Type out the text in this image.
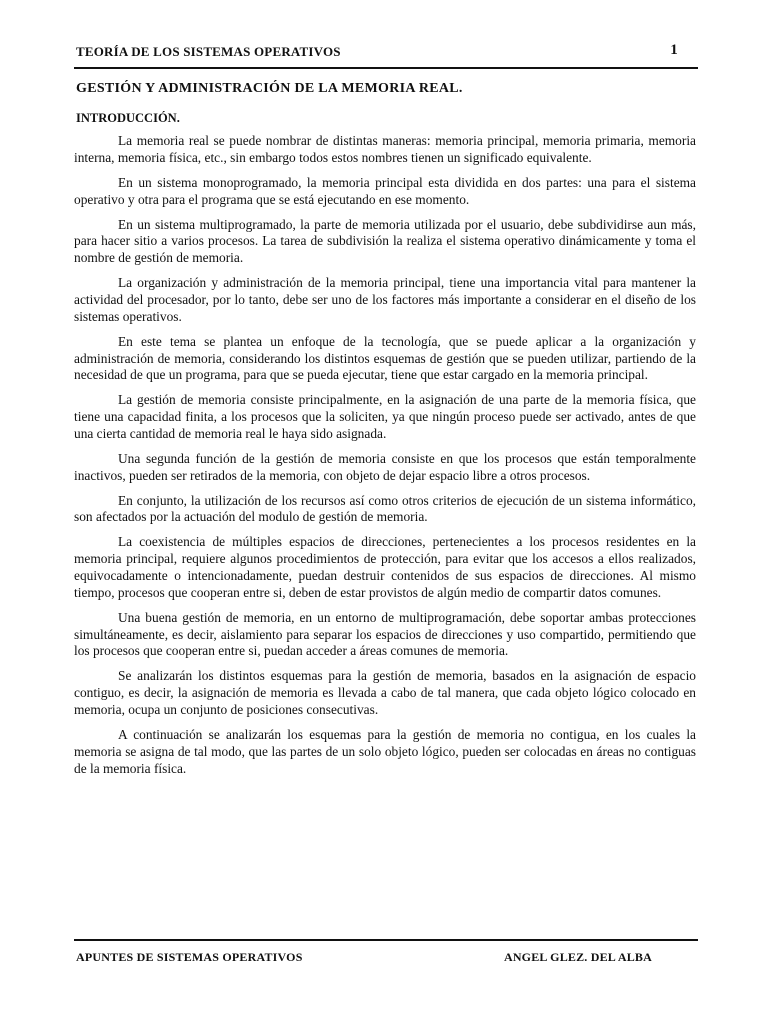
TEORÍA DE LOS SISTEMAS OPERATIVOS	1
GESTIÓN Y ADMINISTRACIÓN DE LA MEMORIA REAL.
INTRODUCCIÓN.

La memoria real se puede nombrar de distintas maneras: memoria principal, memoria primaria, memoria interna, memoria física, etc., sin embargo todos estos nombres tienen un significado equivalente.

En un sistema monoprogramado, la memoria principal esta dividida en dos partes: una para el sistema operativo y otra para el programa que se está ejecutando en ese momento.

En un sistema multiprogramado, la parte de memoria utilizada por el usuario, debe subdividirse aun más, para hacer sitio a varios procesos. La tarea de subdivisión la realiza el sistema operativo dinámicamente y toma el nombre de gestión de memoria.

La organización y administración de la memoria principal, tiene una importancia vital para mantener la actividad del procesador, por lo tanto, debe ser uno de los factores más importante a considerar en el diseño de los sistemas operativos.

En este tema se plantea un enfoque de la tecnología, que se puede aplicar a la organización y administración de memoria, considerando los distintos esquemas de gestión que se pueden utilizar, partiendo de la necesidad de que un programa, para que se pueda ejecutar, tiene que estar cargado en la memoria principal.

La gestión de memoria consiste principalmente, en la asignación de una parte de la memoria física, que tiene una capacidad finita, a los procesos que la soliciten, ya que ningún proceso puede ser activado, antes de que una cierta cantidad de memoria real le haya sido asignada.

Una segunda función de la gestión de memoria consiste en que los procesos que están temporalmente inactivos, pueden ser retirados de la memoria, con objeto de dejar espacio libre a otros procesos.

En conjunto, la utilización de los recursos así como otros criterios de ejecución de un sistema informático, son afectados por la actuación del modulo de gestión de memoria.

La coexistencia de múltiples espacios de direcciones, pertenecientes a los procesos residentes en la memoria principal, requiere algunos procedimientos de protección, para evitar que los accesos a ellos realizados, equivocadamente o intencionadamente, puedan destruir contenidos de sus espacios de direcciones. Al mismo tiempo, procesos que cooperan entre si, deben de estar provistos de algún medio de compartir datos comunes.

Una buena gestión de memoria, en un entorno de multiprogramación, debe soportar ambas protecciones simultáneamente, es decir, aislamiento para separar los espacios de direcciones y uso compartido, permitiendo que los procesos que cooperan entre si, puedan acceder a áreas comunes de memoria.

Se analizarán los distintos esquemas para la gestión de memoria, basados en la asignación de espacio contiguo, es decir, la asignación de memoria es llevada a cabo de tal manera, que cada objeto lógico colocado en memoria, ocupa un conjunto de posiciones consecutivas.

A continuación se analizarán los esquemas para la gestión de memoria no contigua, en los cuales la memoria se asigna de tal modo, que las partes de un solo objeto lógico, pueden ser colocadas en áreas no contiguas de la memoria física.

APUNTES DE SISTEMAS OPERATIVOS	ANGEL GLEZ. DEL ALBA
